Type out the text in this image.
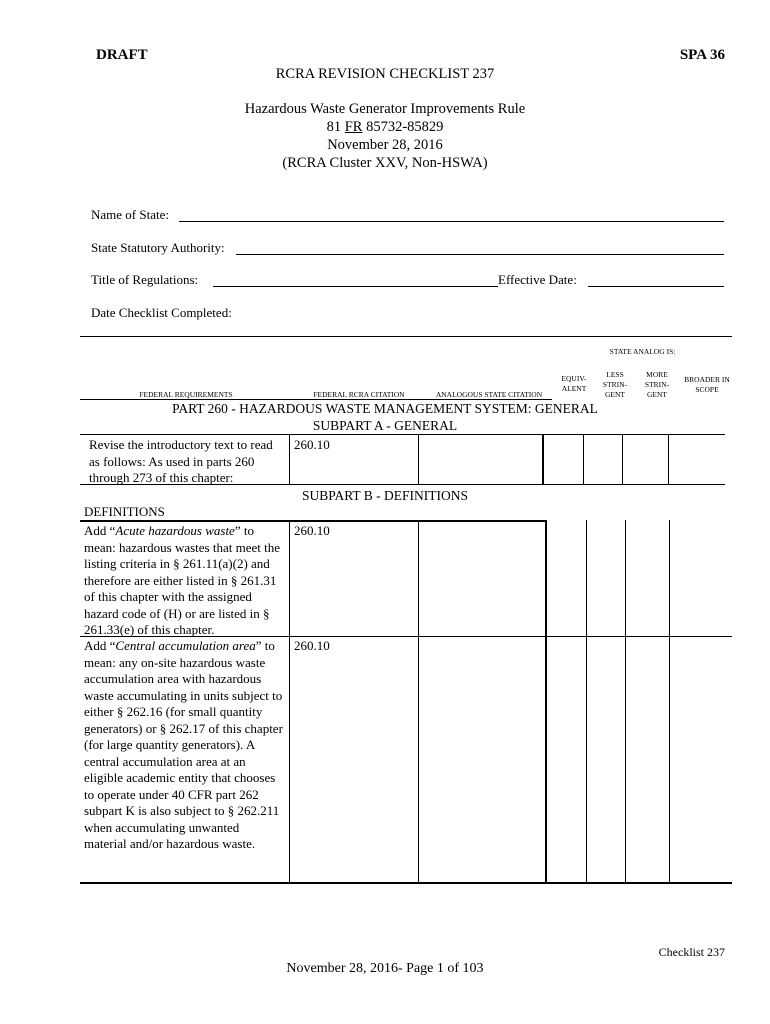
DRAFT	SPA 36
RCRA REVISION CHECKLIST 237
Hazardous Waste Generator Improvements Rule
81 FR 85732-85829
November 28, 2016
(RCRA Cluster XXV, Non-HSWA)
Name of State:
State Statutory Authority:
Title of Regulations:	Effective Date:
Date Checklist Completed:
STATE ANALOG IS:
EQUIV-ALENT
LESS STRIN-GENT
MORE STRIN-GENT
BROADER IN SCOPE
FEDERAL REQUIREMENTS	FEDERAL RCRA CITATION	ANALOGOUS STATE CITATION
PART 260 - HAZARDOUS WASTE MANAGEMENT SYSTEM: GENERAL
SUBPART A - GENERAL
Revise the introductory text to read as follows: As used in parts 260 through 273 of this chapter:
260.10
SUBPART B - DEFINITIONS
DEFINITIONS
Add “Acute hazardous waste” to mean: hazardous wastes that meet the listing criteria in § 261.11(a)(2) and therefore are either listed in § 261.31 of this chapter with the assigned hazard code of (H) or are listed in § 261.33(e) of this chapter.
260.10
Add “Central accumulation area” to mean: any on-site hazardous waste accumulation area with hazardous waste accumulating in units subject to either § 262.16 (for small quantity generators) or § 262.17 of this chapter (for large quantity generators). A central accumulation area at an eligible academic entity that chooses to operate under 40 CFR part 262 subpart K is also subject to § 262.211 when accumulating unwanted material and/or hazardous waste.
260.10
Checklist 237
November 28, 2016- Page 1 of 103
